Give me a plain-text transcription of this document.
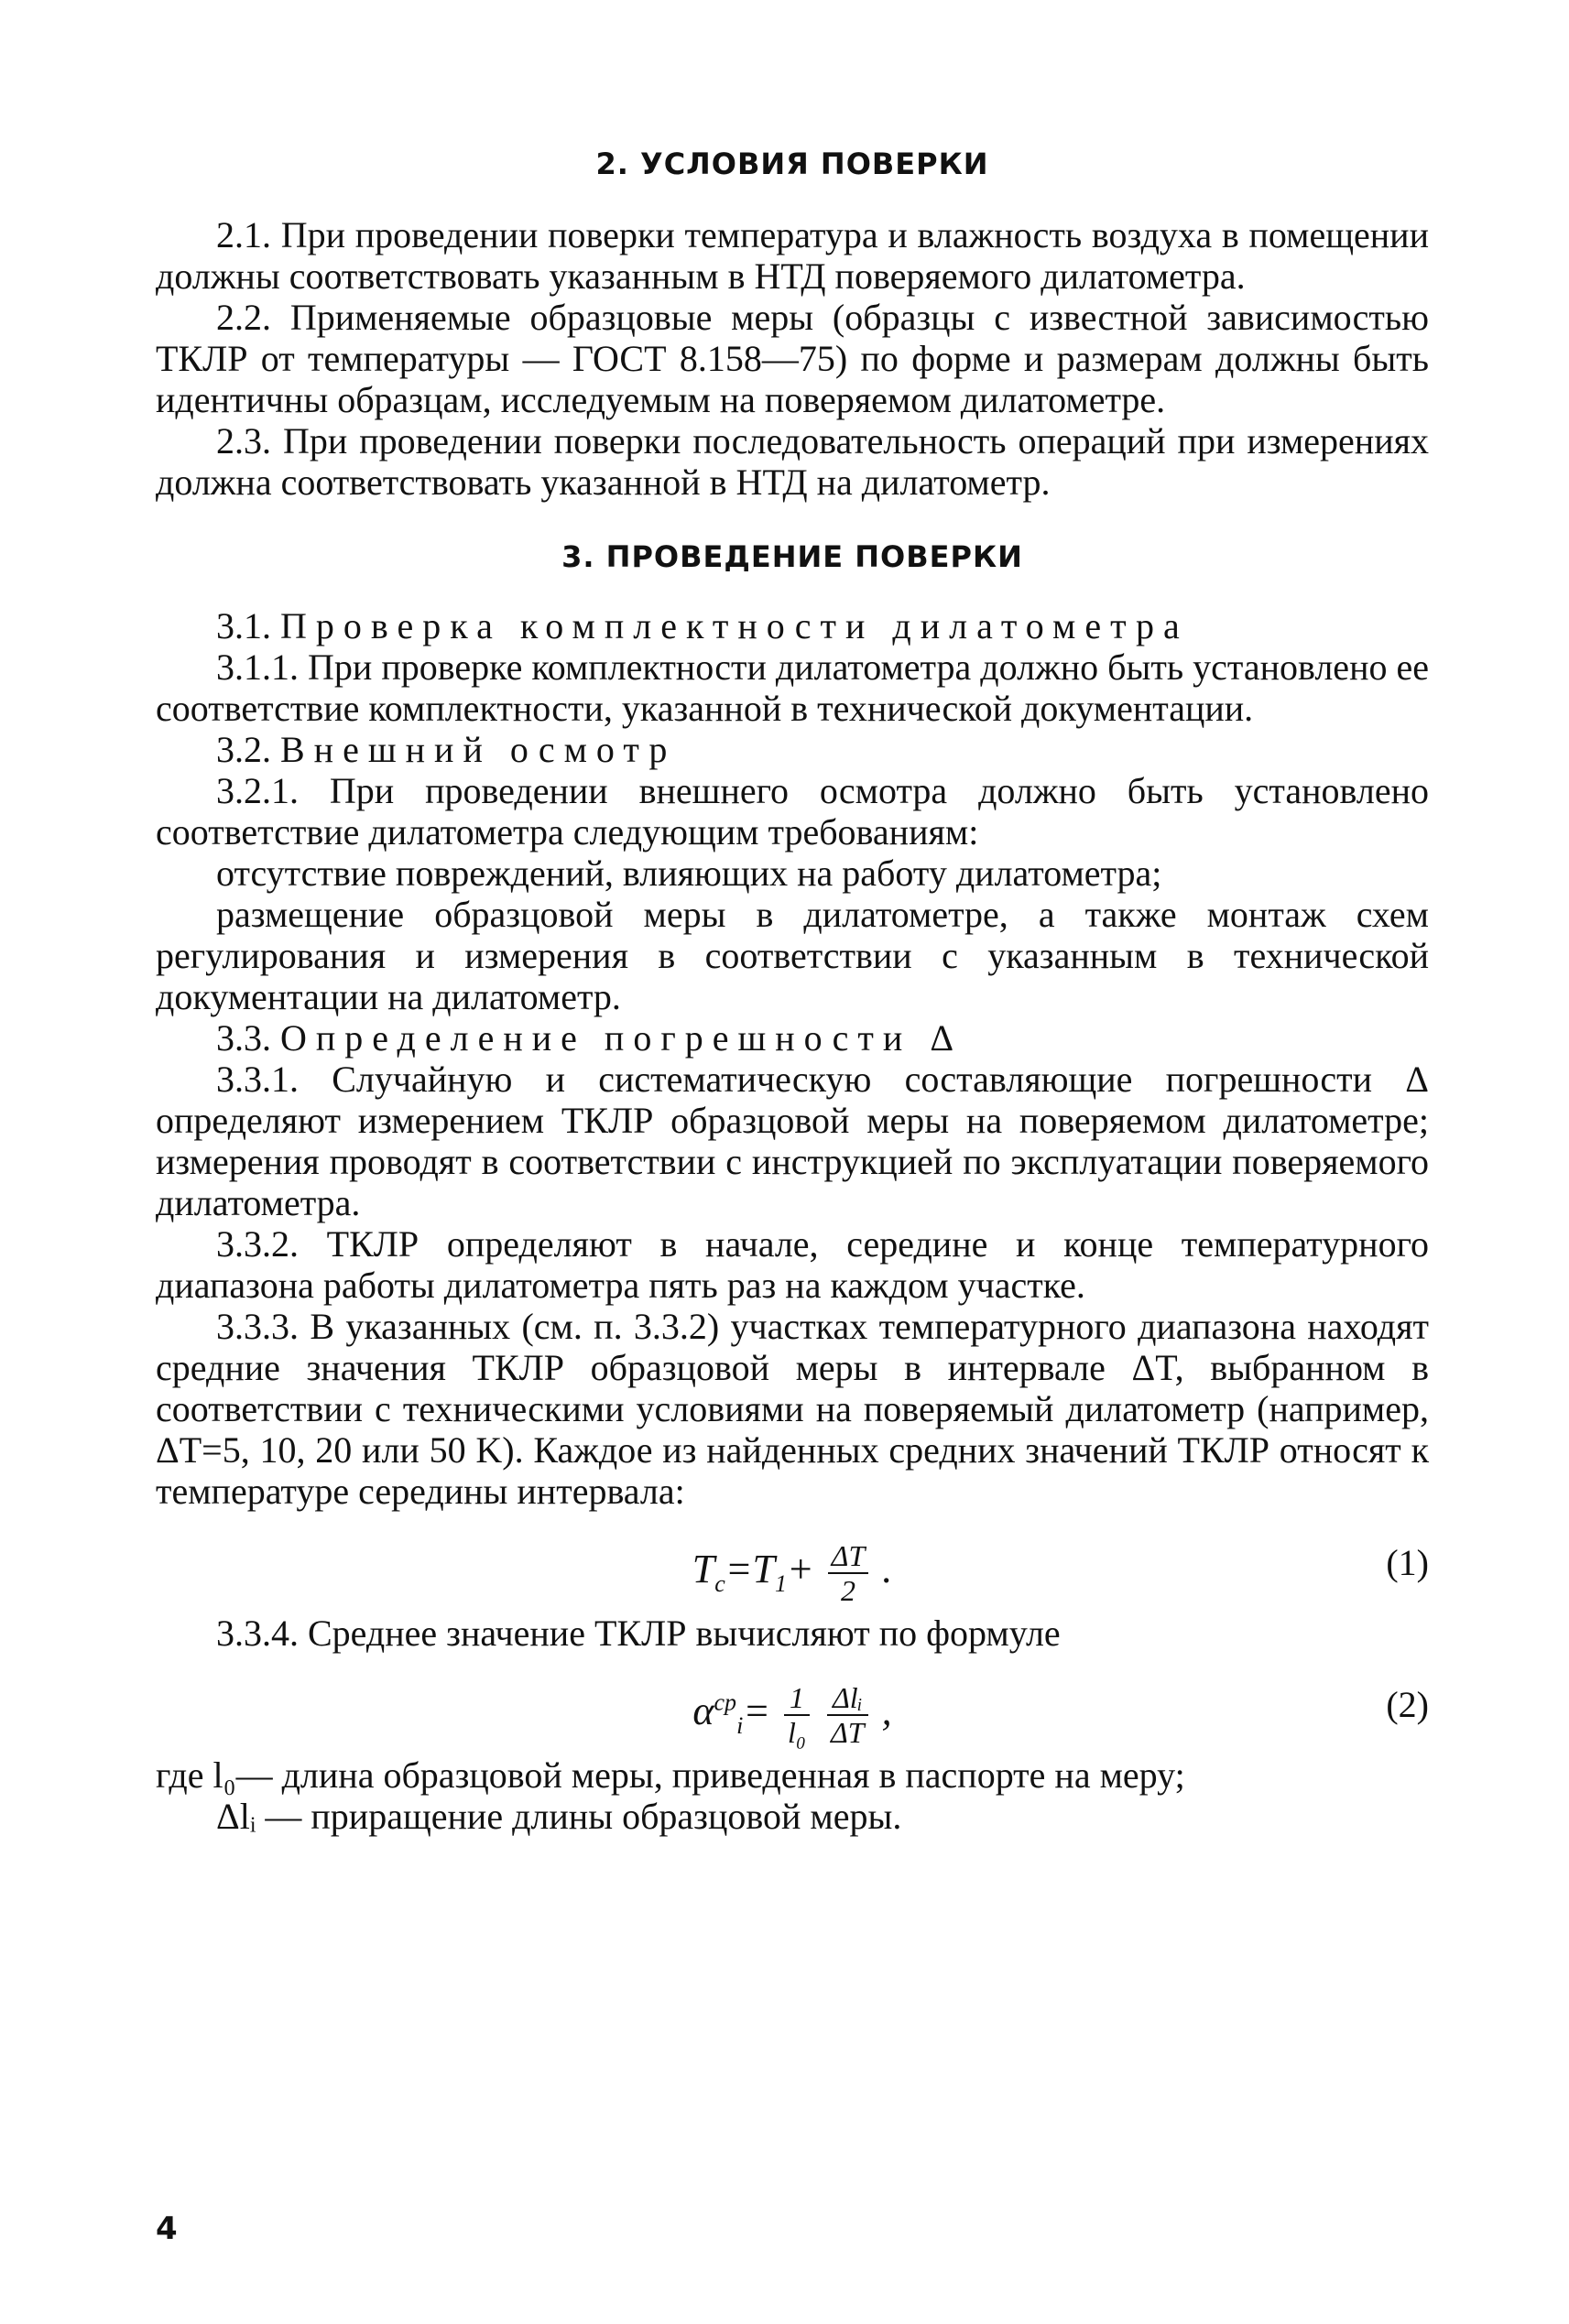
2. УСЛОВИЯ ПОВЕРКИ

2.1. При проведении поверки температура и влажность воздуха в помещении должны соответствовать указанным в НТД поверяемого дилатометра.

2.2. Применяемые образцовые меры (образцы с известной зависимостью ТКЛР от температуры — ГОСТ 8.158—75) по форме и размерам должны быть идентичны образцам, исследуемым на поверяемом дилатометре.

2.3. При проведении поверки последовательность операций при измерениях должна соответствовать указанной в НТД на дилатометр.

3. ПРОВЕДЕНИЕ ПОВЕРКИ

3.1. Проверка комплектности дилатометра

3.1.1. При проверке комплектности дилатометра должно быть установлено ее соответствие комплектности, указанной в технической документации.

3.2. Внешний осмотр

3.2.1. При проведении внешнего осмотра должно быть установлено соответствие дилатометра следующим требованиям:

отсутствие повреждений, влияющих на работу дилатометра;

размещение образцовой меры в дилатометре, а также монтаж схем регулирования и измерения в соответствии с указанным в технической документации на дилатометр.

3.3. Определение погрешности Δ

3.3.1. Случайную и систематическую составляющие погрешности Δ определяют измерением ТКЛР образцовой меры на поверяемом дилатометре; измерения проводят в соответствии с инструкцией по эксплуатации поверяемого дилатометра.

3.3.2. ТКЛР определяют в начале, середине и конце температурного диапазона работы дилатометра пять раз на каждом участке.

3.3.3. В указанных (см. п. 3.3.2) участках температурного диапазона находят средние значения ТКЛР образцовой меры в интервале ΔT, выбранном в соответствии с техническими условиями на поверяемый дилатометр (например, ΔT=5, 10, 20 или 50 K). Каждое из найденных средних значений ТКЛР относят к температуре середины интервала:

$T_c=T_1+ \frac{\Delta T}{2}$ .	(1)

3.3.4. Среднее значение ТКЛР вычисляют по формуле

$\alpha^{ср}_i= \frac{1}{\text{l₀}}$
$\frac{\text{Δlᵢ}}{\Delta T}$ ,	(2)

где l₀— длина образцовой меры, приведенная в паспорте на меру;

Δlᵢ — приращение длины образцовой меры.

4
